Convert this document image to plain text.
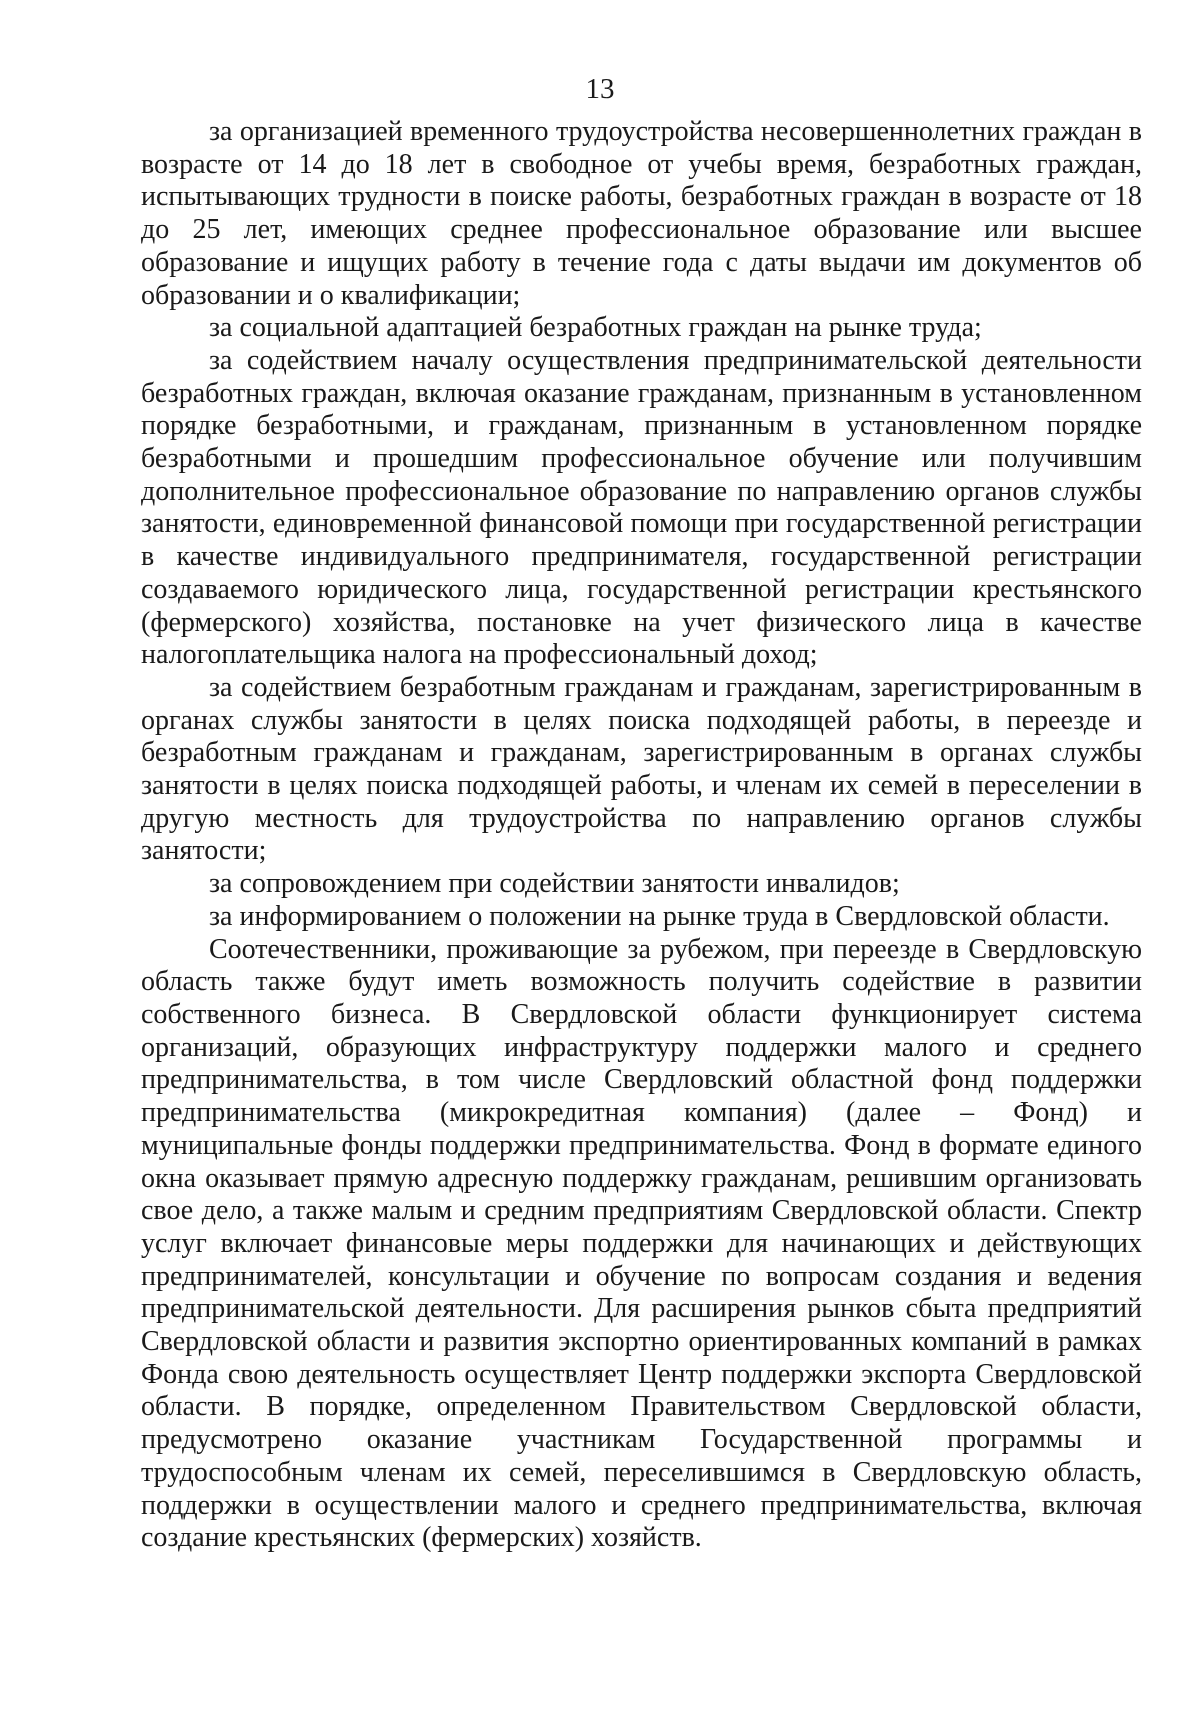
13

за организацией временного трудоустройства несовершеннолетних граждан в возрасте от 14 до 18 лет в свободное от учебы время, безработных граждан, испытывающих трудности в поиске работы, безработных граждан в возрасте от 18 до 25 лет, имеющих среднее профессиональное образование или высшее образование и ищущих работу в течение года с даты выдачи им документов об образовании и о квалификации;

за социальной адаптацией безработных граждан на рынке труда;

за содействием началу осуществления предпринимательской деятельности безработных граждан, включая оказание гражданам, признанным в установленном порядке безработными, и гражданам, признанным в установленном порядке безработными и прошедшим профессиональное обучение или получившим дополнительное профессиональное образование по направлению органов службы занятости, единовременной финансовой помощи при государственной регистрации в качестве индивидуального предпринимателя, государственной регистрации создаваемого юридического лица, государственной регистрации крестьянского (фермерского) хозяйства, постановке на учет физического лица в качестве налогоплательщика налога на профессиональный доход;

за содействием безработным гражданам и гражданам, зарегистрированным в органах службы занятости в целях поиска подходящей работы, в переезде и безработным гражданам и гражданам, зарегистрированным в органах службы занятости в целях поиска подходящей работы, и членам их семей в переселении в другую местность для трудоустройства по направлению органов службы занятости;

за сопровождением при содействии занятости инвалидов;

за информированием о положении на рынке труда в Свердловской области.

Соотечественники, проживающие за рубежом, при переезде в Свердловскую область также будут иметь возможность получить содействие в развитии собственного бизнеса. В Свердловской области функционирует система организаций, образующих инфраструктуру поддержки малого и среднего предпринимательства, в том числе Свердловский областной фонд поддержки предпринимательства (микрокредитная компания) (далее – Фонд) и муниципальные фонды поддержки предпринимательства. Фонд в формате единого окна оказывает прямую адресную поддержку гражданам, решившим организовать свое дело, а также малым и средним предприятиям Свердловской области. Спектр услуг включает финансовые меры поддержки для начинающих и действующих предпринимателей, консультации и обучение по вопросам создания и ведения предпринимательской деятельности. Для расширения рынков сбыта предприятий Свердловской области и развития экспортно ориентированных компаний в рамках Фонда свою деятельность осуществляет Центр поддержки экспорта Свердловской области. В порядке, определенном Правительством Свердловской области, предусмотрено оказание участникам Государственной программы и трудоспособным членам их семей, переселившимся в Свердловскую область, поддержки в осуществлении малого и среднего предпринимательства, включая создание крестьянских (фермерских) хозяйств.
